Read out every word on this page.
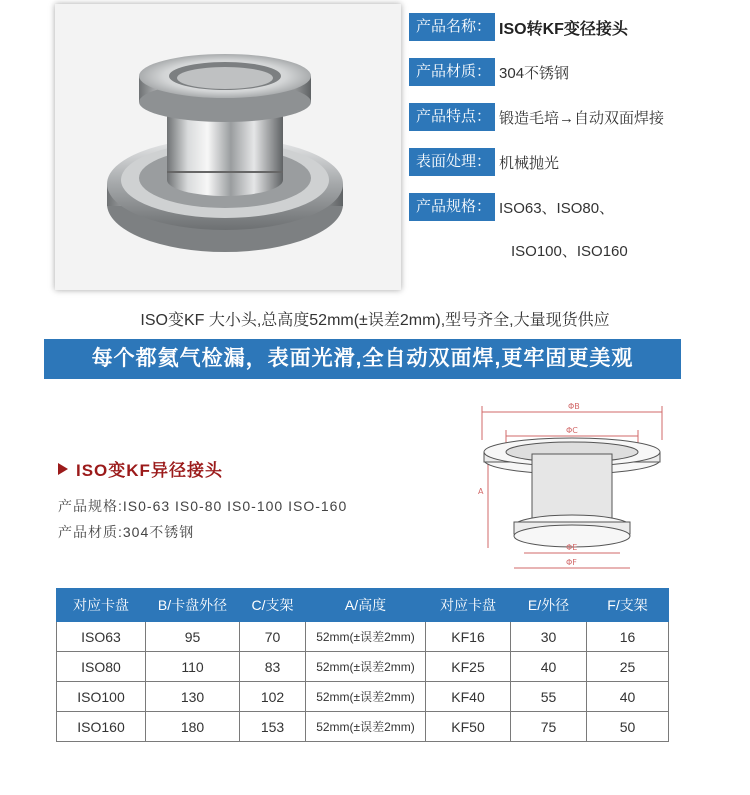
产品名称： ISO转KF变径接头
产品材质： 304不锈钢
产品特点： 锻造毛培→自动双面焊接
表面处理： 机械抛光
产品规格： ISO63、ISO80、
ISO100、ISO160
ISO变KF 大小头,总高度52mm(±误差2mm),型号齐全,大量现货供应
每个都氦气检漏，表面光滑,全自动双面焊,更牢固更美观
ISO变KF异径接头
产品规格:IS0-63 IS0-80 IS0-100 ISO-160
产品材质:304不锈钢
ΦB
ΦC
A
ΦE
ΦF
对应卡盘	B/卡盘外径	C/支架	A/高度	对应卡盘	E/外径	F/支架
ISO63	95	70	52mm(±误差2mm)	KF16	30	16
ISO80	110	83	52mm(±误差2mm)	KF25	40	25
ISO100	130	102	52mm(±误差2mm)	KF40	55	40
ISO160	180	153	52mm(±误差2mm)	KF50	75	50
